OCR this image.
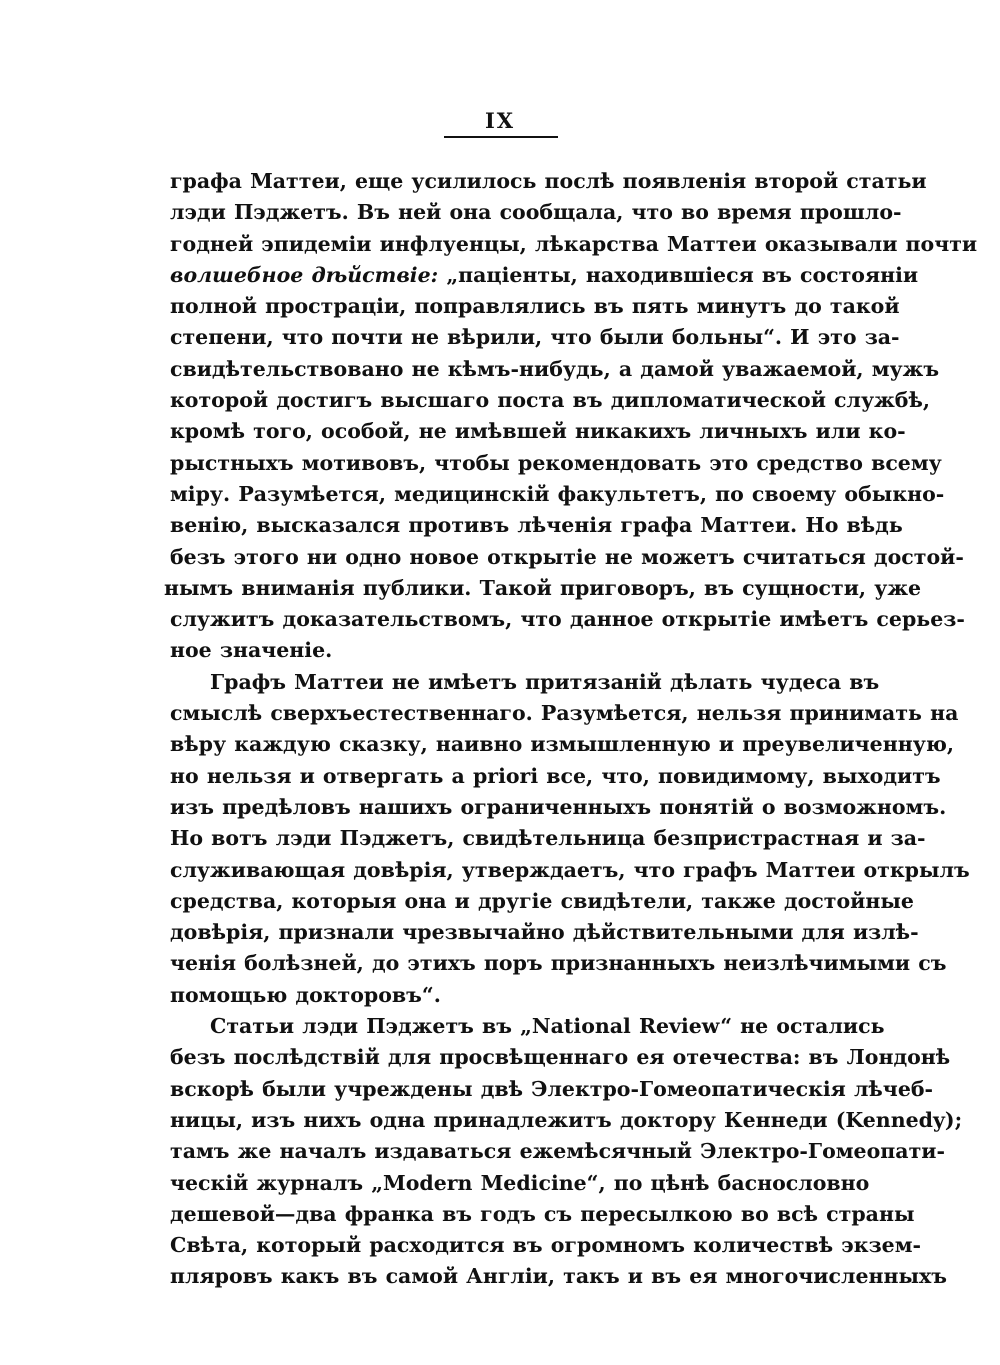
IX
графа Маттеи, еще усилилось послѣ появленія второй статьи
лэди Пэджетъ. Въ ней она сообщала, что во время прошло-
годней эпидеміи инфлуенцы, лѣкарства Маттеи оказывали почти
волшебное дѣйствiе: „пацiенты, находившiеся въ состоянiи
полной прострацiи, поправлялись въ пять минутъ до такой
степени, что почти не вѣрили, что были больны“. И это за-
свидѣтельствовано не кѣмъ-нибудь, а дамой уважаемой, мужъ
которой достигъ высшаго поста въ дипломатической службѣ,
кромѣ того, особой, не имѣвшей никакихъ личныхъ или ко-
рыстныхъ мотивовъ, чтобы рекомендовать это средство всему
міру. Разумѣется, медицинскій факультетъ, по своему обыкно-
венію, высказался противъ лѣченія графа Маттеи. Но вѣдь
безъ этого ни одно новое открытіе не можетъ считаться достой-
нымъ вниманія публики. Такой приговоръ, въ сущности, уже
служитъ доказательствомъ, что данное открытіе имѣетъ серьез-
ное значеніе.
Графъ Маттеи не имѣетъ притязаній дѣлать чудеса въ
смыслѣ сверхъестественнаго. Разумѣется, нельзя принимать на
вѣру каждую сказку, наивно измышленную и преувеличенную,
но нельзя и отвергать a priori все, что, повидимому, выходитъ
изъ предѣловъ нашихъ ограниченныхъ понятій о возможномъ.
Но вотъ лэди Пэджетъ, свидѣтельница безпристрастная и за-
служивающая довѣрія, утверждаетъ, что графъ Маттеи открылъ
средства, которыя она и другіе свидѣтели, также достойные
довѣрія, признали чрезвычайно дѣйствительными для излѣ-
ченія болѣзней, до этихъ поръ признанныхъ неизлѣчимыми съ
помощью докторовъ“.
Статьи лэди Пэджетъ въ „National Review“ не остались
безъ послѣдствій для просвѣщеннаго ея отечества: въ Лондонѣ
вскорѣ были учреждены двѣ Электро-Гомеопатическія лѣчеб-
ницы, изъ нихъ одна принадлежитъ доктору Кеннеди (Kennedy);
тамъ же началъ издаваться ежемѣсячный Электро-Гомеопати-
ческій журналъ „Modern Medicine“, по цѣнѣ баснословно
дешевой—два франка въ годъ съ пересылкою во всѣ страны
Свѣта, который расходится въ огромномъ количествѣ экзем-
пляровъ какъ въ самой Англіи, такъ и въ ея многочисленныхъ
